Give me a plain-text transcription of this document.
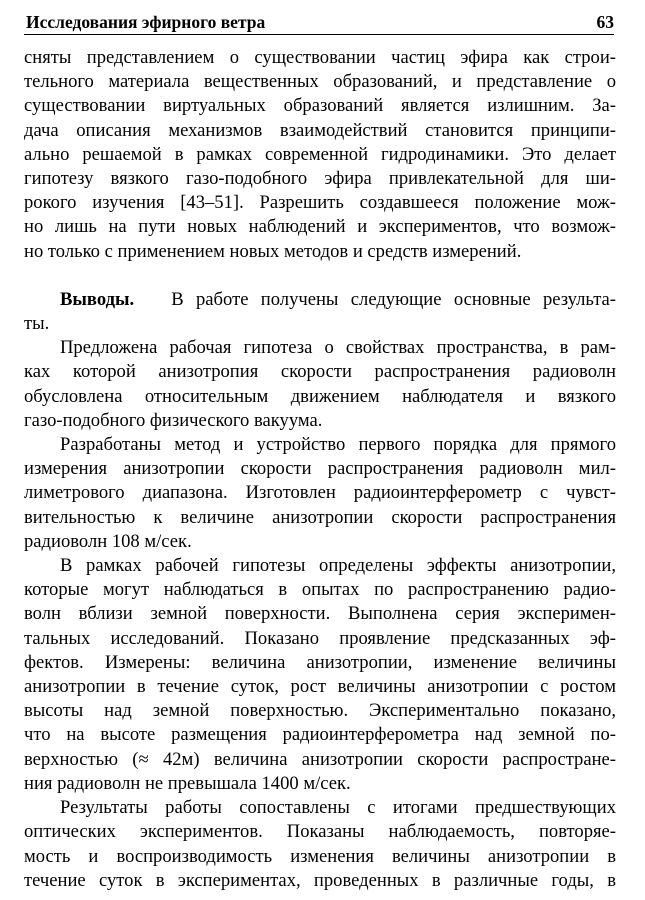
Исследования эфирного ветра	63

сняты представлением о существовании частиц эфира как строи-

тельного материала вещественных образований, и представление о

существовании виртуальных образований является излишним. За-

дача описания механизмов взаимодействий становится принципи-

ально решаемой в рамках современной гидродинамики. Это делает

гипотезу вязкого газо-подобного эфира привлекательной для ши-

рокого изучения [43–51]. Разрешить создавшееся положение мож-

но лишь на пути новых наблюдений и экспериментов, что возмож-

но только с применением новых методов и средств измерений.

Выводы. В работе получены следующие основные результа-

ты.

Предложена рабочая гипотеза о свойствах пространства, в рам-

ках которой анизотропия скорости распространения радиоволн

обусловлена относительным движением наблюдателя и вязкого

газо-подобного физического вакуума.

Разработаны метод и устройство первого порядка для прямого

измерения анизотропии скорости распространения радиоволн мил-

лиметрового диапазона. Изготовлен радиоинтерферометр с чувст-

вительностью к величине анизотропии скорости распространения

радиоволн 108 м/сек.

В рамках рабочей гипотезы определены эффекты анизотропии,

которые могут наблюдаться в опытах по распространению радио-

волн вблизи земной поверхности. Выполнена серия эксперимен-

тальных исследований. Показано проявление предсказанных эф-

фектов. Измерены: величина анизотропии, изменение величины

анизотропии в течение суток, рост величины анизотропии с ростом

высоты над земной поверхностью. Экспериментально показано,

что на высоте размещения радиоинтерферометра над земной по-

верхностью (≈ 42м) величина анизотропии скорости распростране-

ния радиоволн не превышала 1400 м/сек.

Результаты работы сопоставлены с итогами предшествующих

оптических экспериментов. Показаны наблюдаемость, повторяе-

мость и воспроизводимость изменения величины анизотропии в

течение суток в экспериментах, проведенных в различные годы, в
